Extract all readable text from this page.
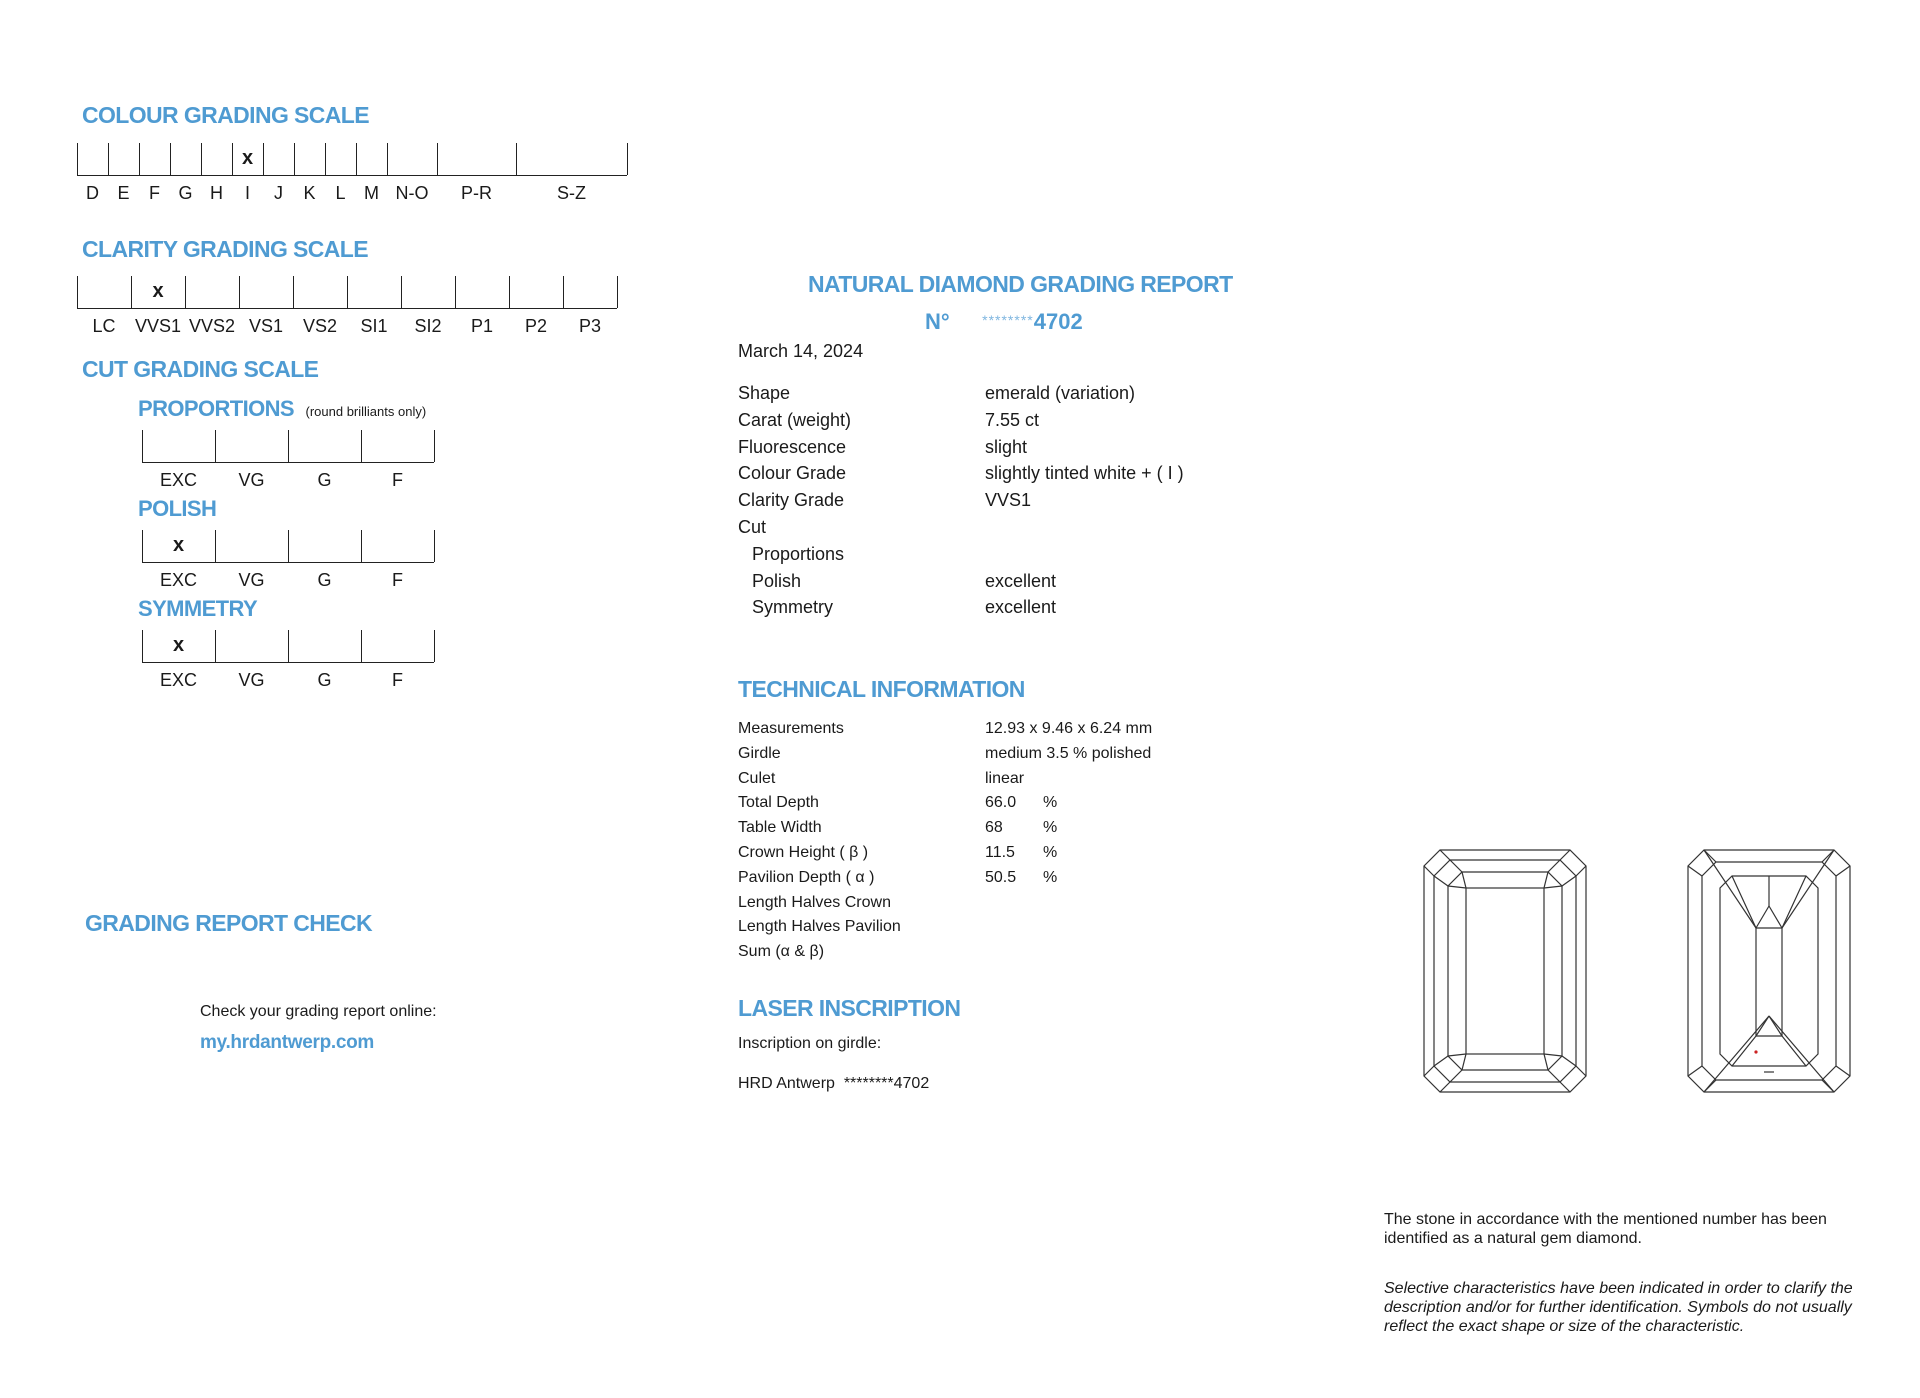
COLOUR GRADING SCALE
D E F G H I
x
J K L M N-O P-R	S-Z
CLARITY GRADING SCALE
LC VVS1
x
VVS2 VS1 VS2 SI1 SI2 P1 P2 P3
CUT GRADING SCALE
PROPORTIONS (round brilliants only)
EXC VG	G	F
POLISH
EXC
x
VG	G	F
SYMMETRY
EXC
x
VG	G	F
GRADING REPORT CHECK
Check your grading report online:
my.hrdantwerp.com
NATURAL DIAMOND GRADING REPORT
N° ********4702
March 14, 2024
Shape	emerald (variation)
Carat (weight)	7.55 ct
Fluorescence	slight
Colour Grade	slightly tinted white + ( I )
Clarity Grade	VVS1
Cut
Proportions
Polish	excellent
Symmetry	excellent
TECHNICAL INFORMATION
Measurements	12.93 x 9.46 x 6.24 mm
Girdle	medium 3.5 % polished
Culet	linear
Total Depth	66.0 %
Table Width	68	%
Crown Height ( β )	11.5 %
Pavilion Depth ( α )	50.5 %
Length Halves Crown
Length Halves Pavilion
Sum (α & β)
LASER INSCRIPTION
Inscription on girdle:
HRD Antwerp  ********4702
The stone in accordance with the mentioned number has been identified as a natural gem diamond.
Selective characteristics have been indicated in order to clarify the description and/or for further identification. Symbols do not usually reflect the exact shape or size of the characteristic.
